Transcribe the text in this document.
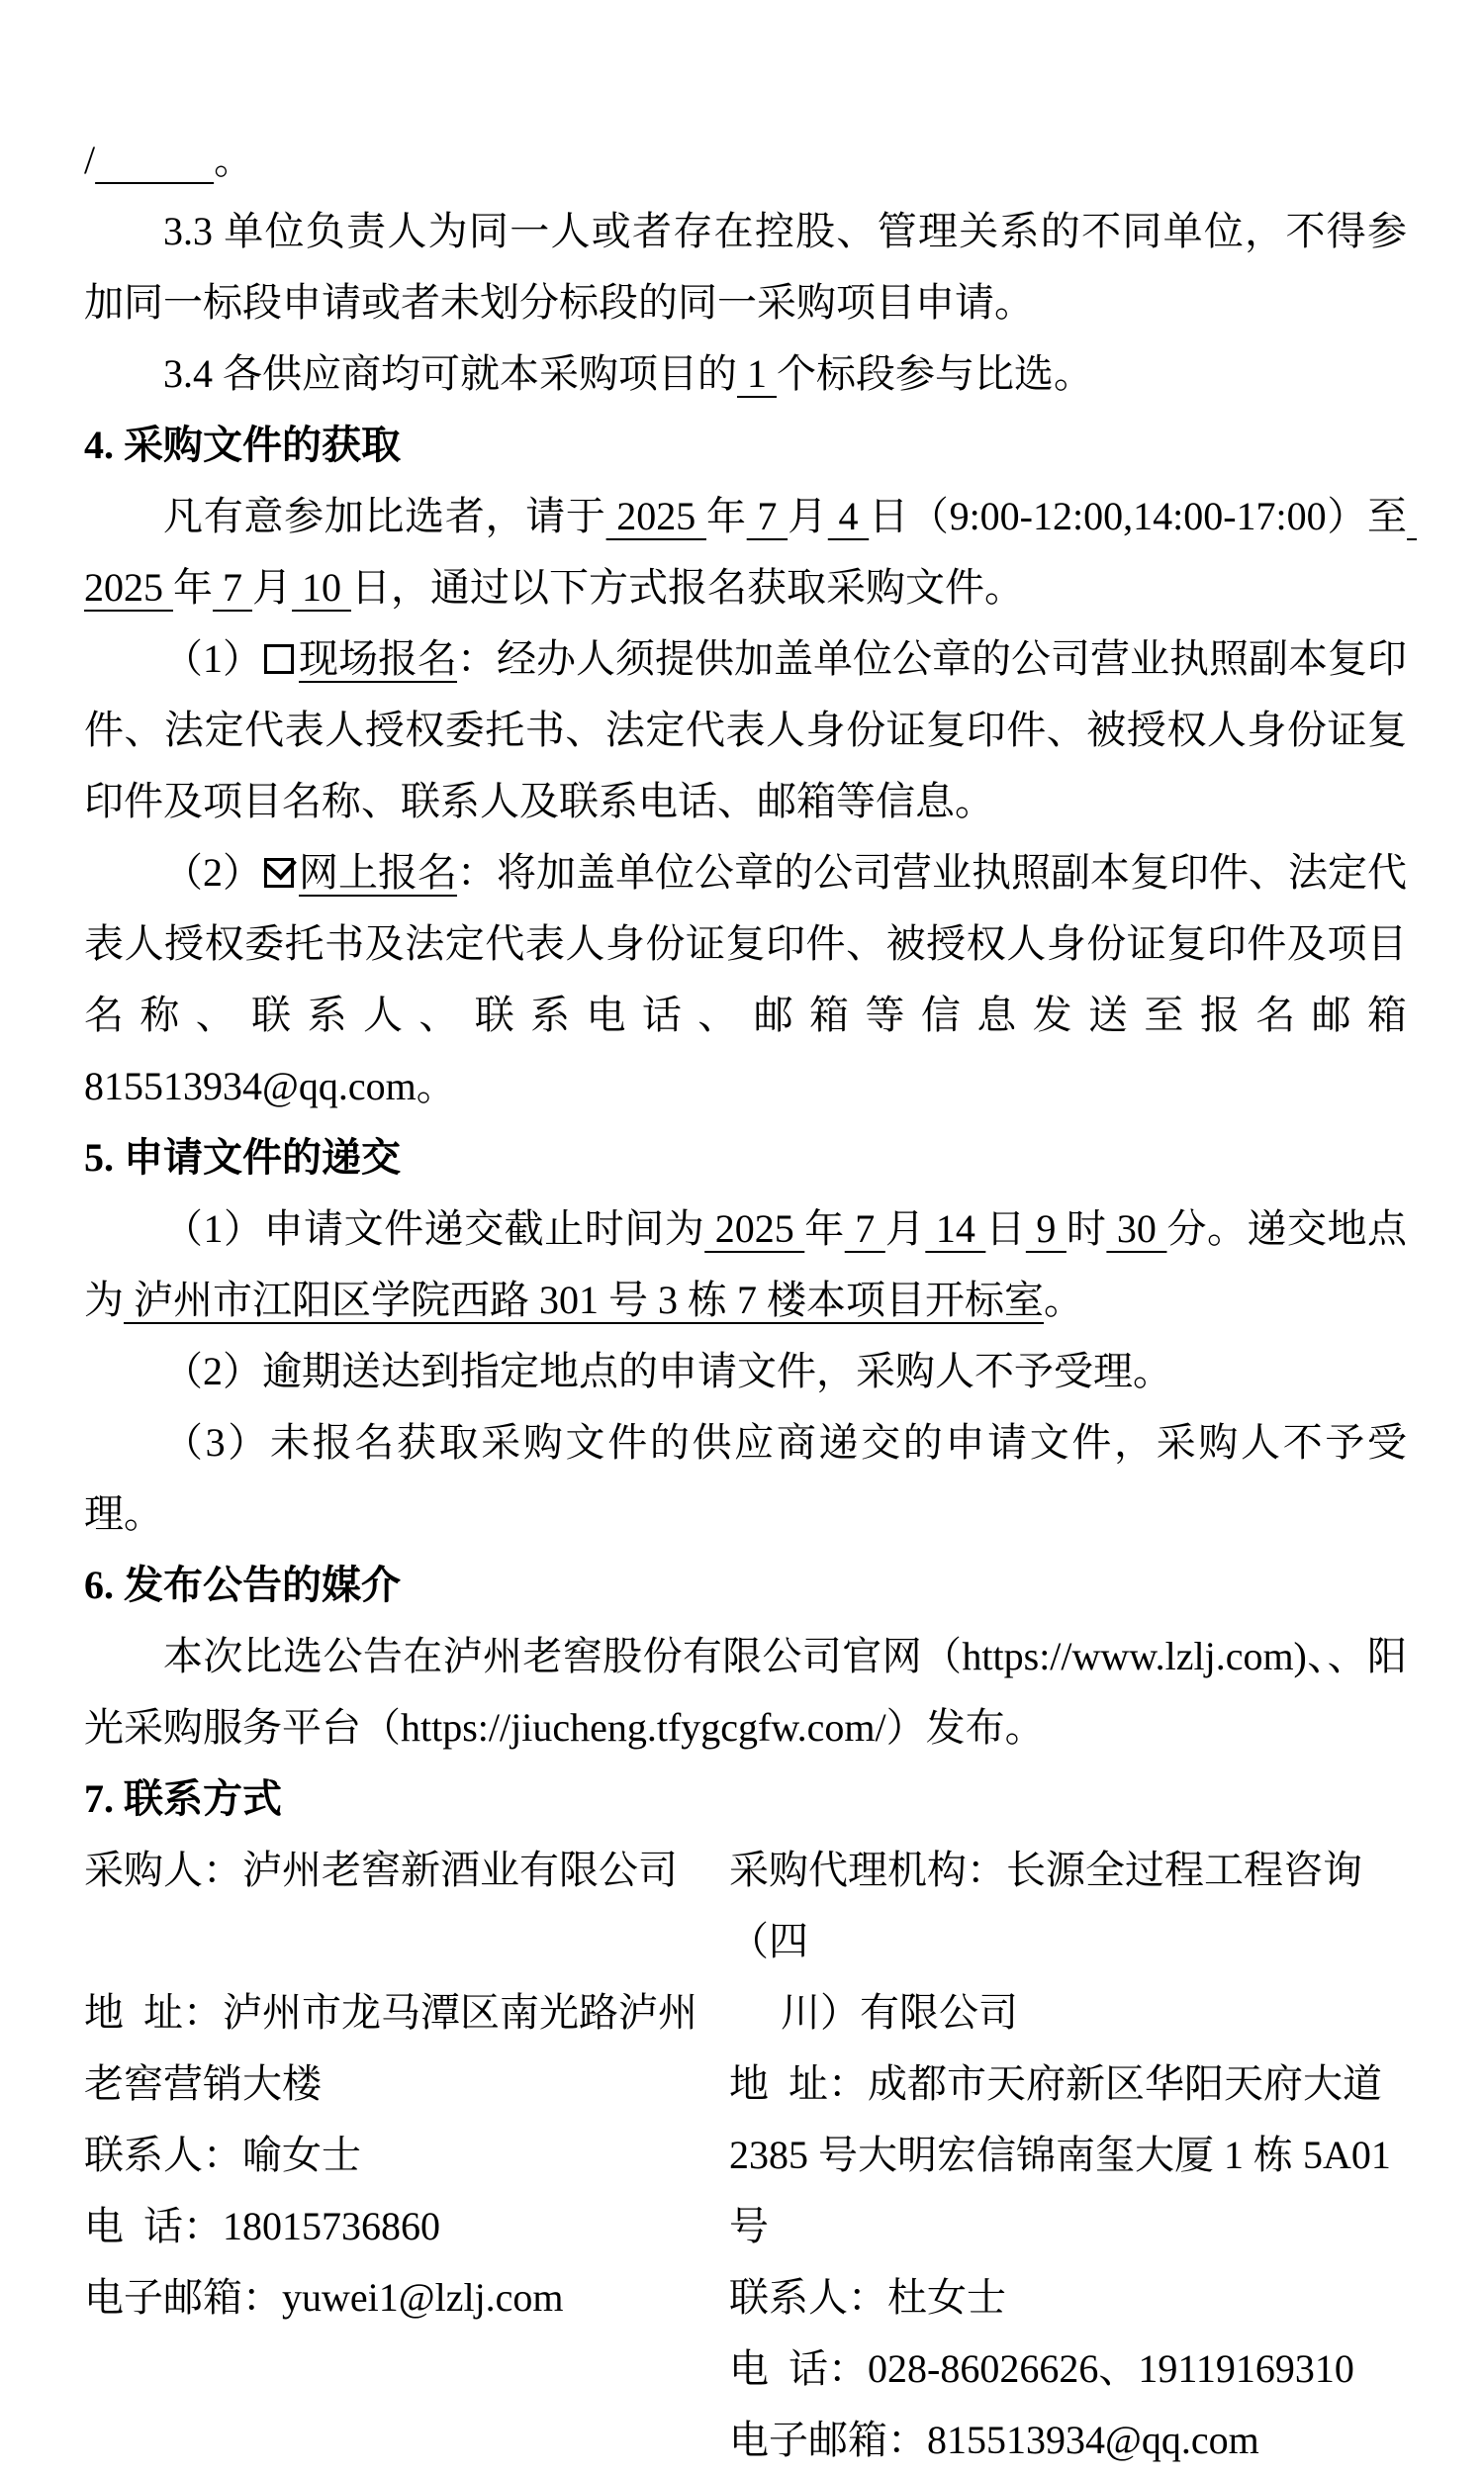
/	。

3.3 单位负责人为同一人或者存在控股、管理关系的不同单位，不得参加同一标段申请或者未划分标段的同一采购项目申请。

3.4 各供应商均可就本采购项目的 1 个标段参与比选。

4. 采购文件的获取

凡有意参加比选者，请于 2025 年 7 月 4 日（9:00-12:00,14:00-17:00）至 2025 年 7 月 10 日，通过以下方式报名获取采购文件。

（1） 现场报名：经办人须提供加盖单位公章的公司营业执照副本复印件、法定代表人授权委托书、法定代表人身份证复印件、被授权人身份证复印件及项目名称、联系人及联系电话、邮箱等信息。

（2） 网上报名：将加盖单位公章的公司营业执照副本复印件、法定代表人授权委托书及法定代表人身份证复印件、被授权人身份证复印件及项目名称、联系人、联系电话、邮箱等信息发送至报名邮箱 815513934@qq.com。

5. 申请文件的递交

（1）申请文件递交截止时间为 2025 年 7 月 14 日 9 时 30 分。递交地点为 泸州市江阳区学院西路 301 号 3 栋 7 楼本项目开标室。

（2）逾期送达到指定地点的申请文件，采购人不予受理。

（3）未报名获取采购文件的供应商递交的申请文件，采购人不予受理。

6. 发布公告的媒介

本次比选公告在泸州老窖股份有限公司官网（https://www.lzlj.com)、、阳光采购服务平台（https://jiucheng.tfygcgfw.com/）发布。

7. 联系方式
采购人：泸州老窖新酒业有限公司
地  址：泸州市龙马潭区南光路泸州
老窖营销大楼
联系人：喻女士
电  话：18015736860
电子邮箱：yuwei1@lzlj.com
采购代理机构：长源全过程工程咨询（四
川）有限公司
地  址：成都市天府新区华阳天府大道
2385 号大明宏信锦南玺大厦 1 栋 5A01 号
联系人：杜女士
电  话：028-86026626、19119169310
电子邮箱：815513934@qq.com
